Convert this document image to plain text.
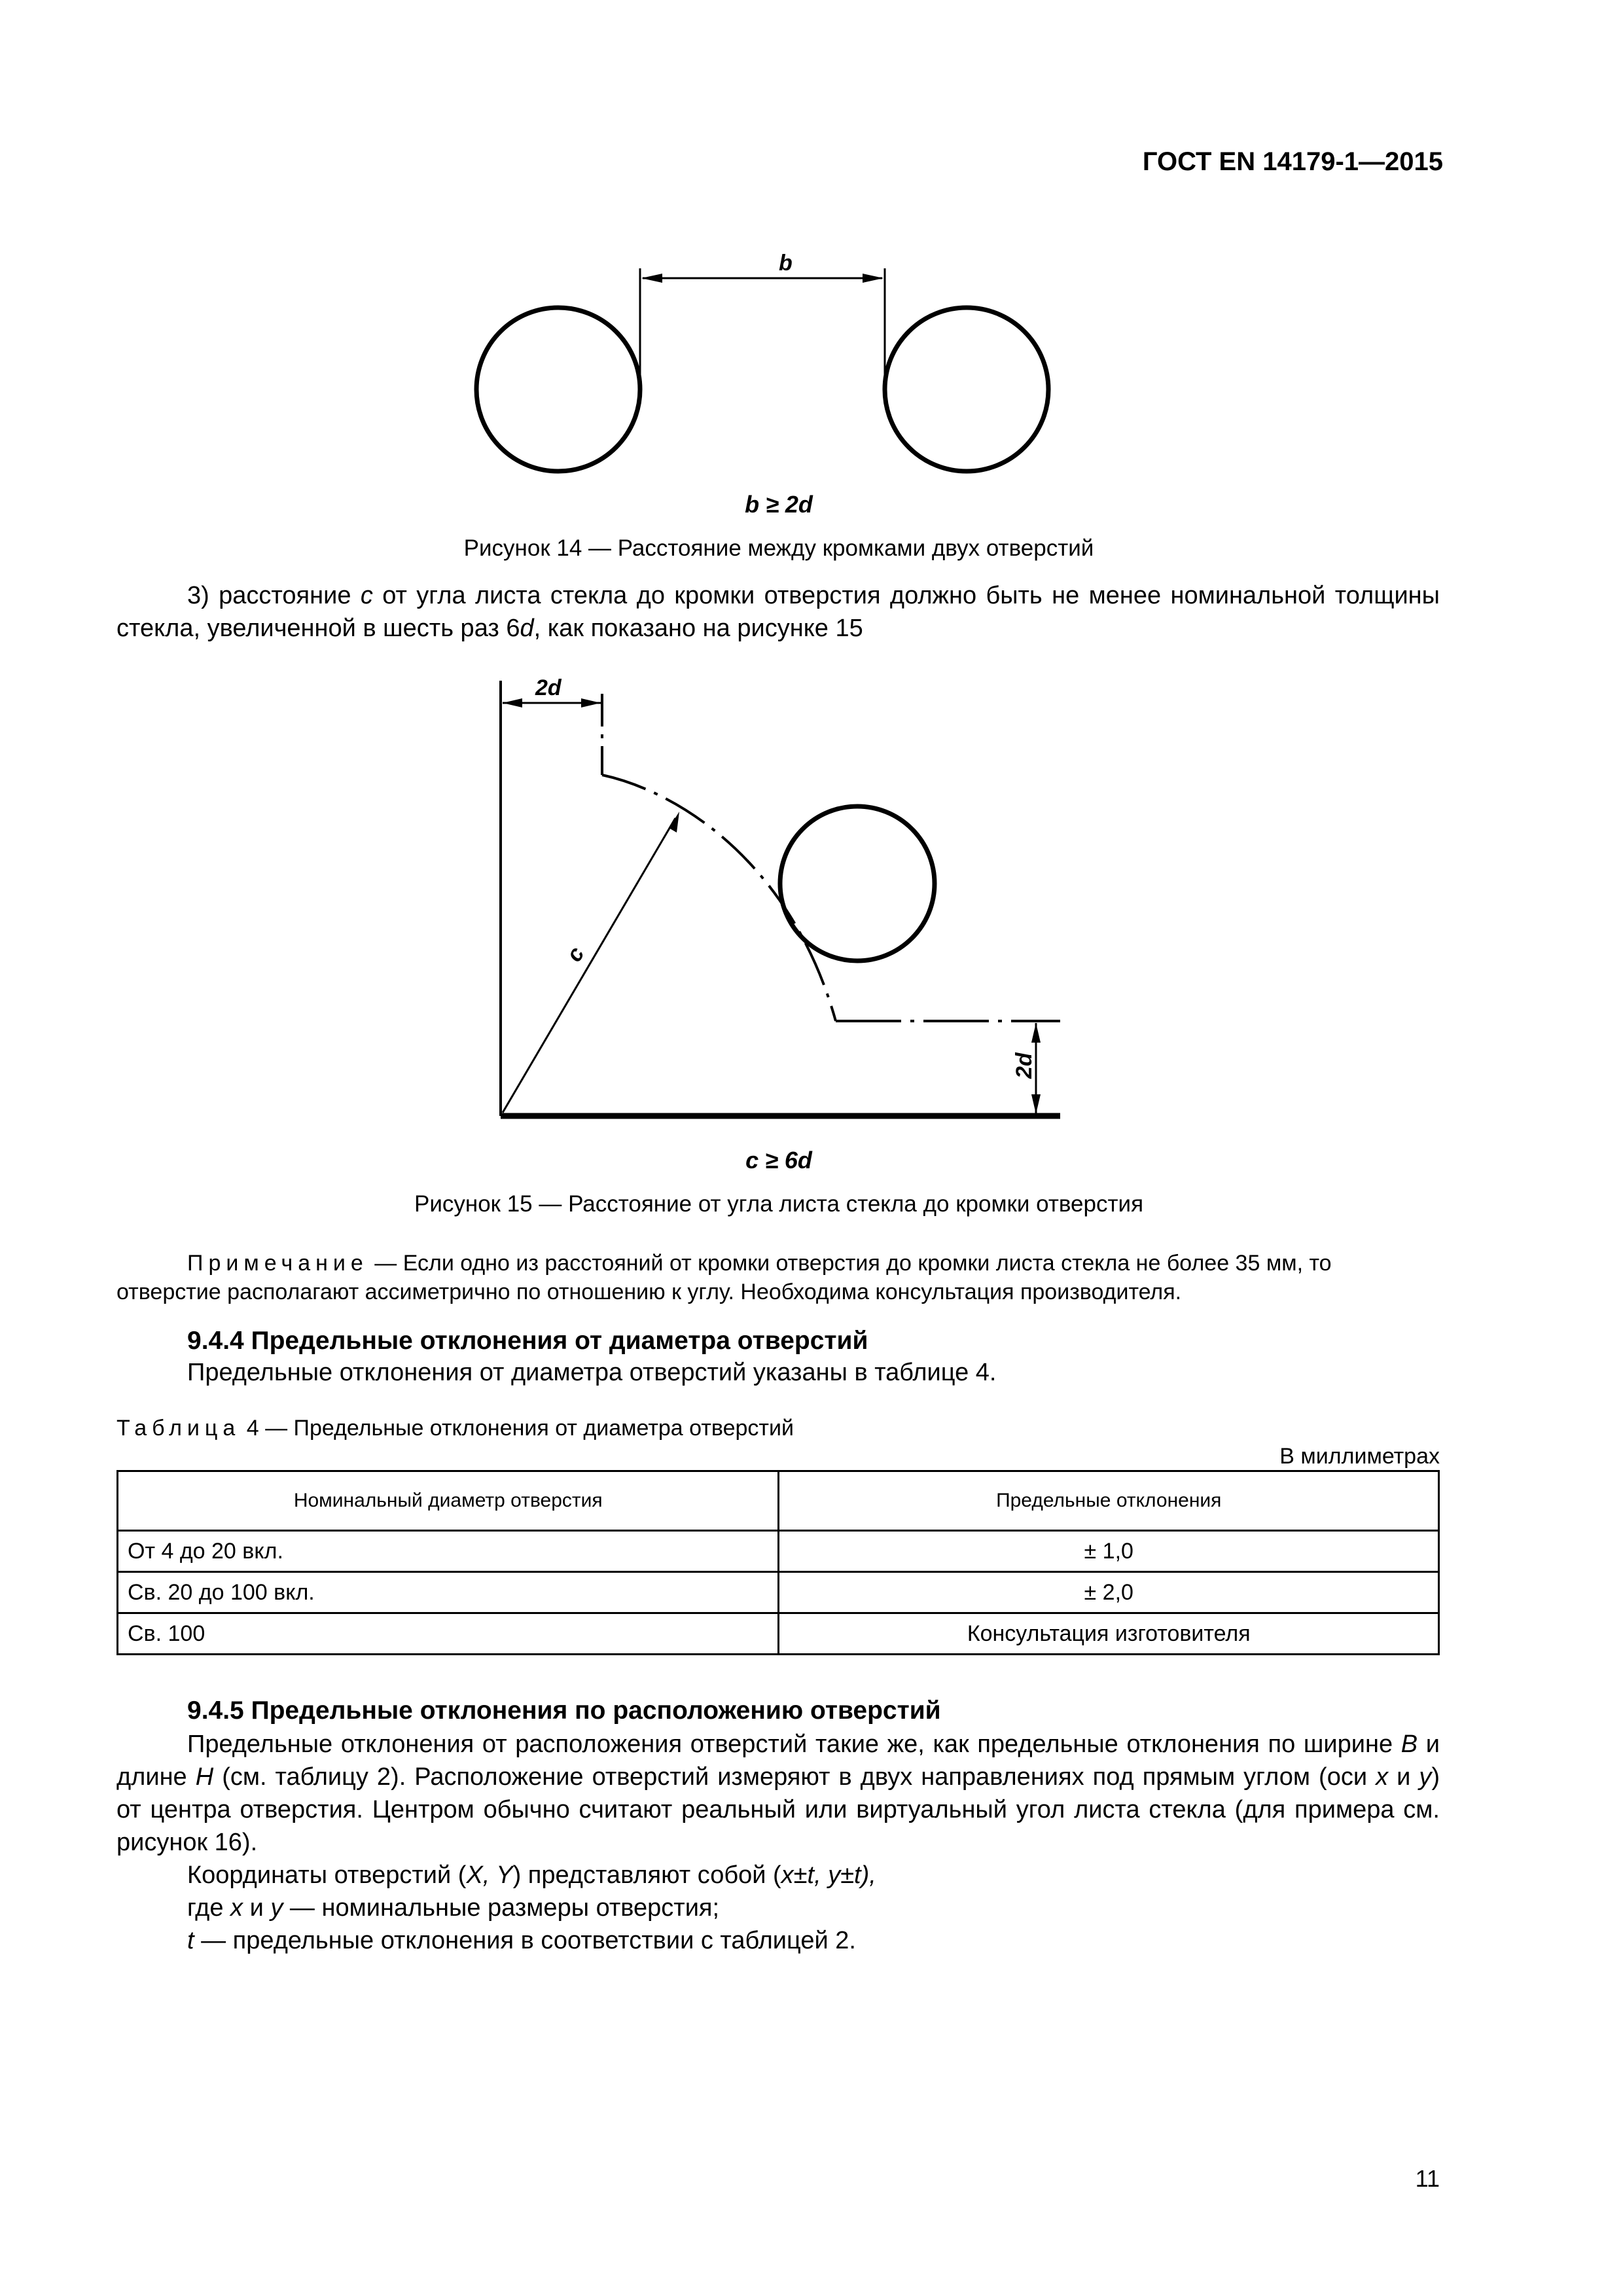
ГОСТ EN 14179-1—2015
b
b ≥ 2d
Рисунок 14 — Расстояние между кромками двух отверстий

3) расстояние c от угла листа стекла до кромки отверстия должно быть не менее номинальной толщины стекла, увеличенной в шесть раз 6d, как показано на рисунке 15

2d
c
2d
c ≥ 6d
Рисунок 15 — Расстояние от угла листа стекла до кромки отверстия
Примечание — Если одно из расстояний от кромки отверстия до кромки листа стекла не более 35 мм, то отверстие располагают ассиметрично по отношению к углу. Необходима консультация производителя.
9.4.4 Предельные отклонения от диаметра отверстий
Предельные отклонения от диаметра отверстий указаны в таблице 4.
Таблица 4 — Предельные отклонения от диаметра отверстий
В миллиметрах
Номинальный диаметр отверстия	Предельные отклонения
От 4 до 20 вкл.	± 1,0
Св. 20 до 100 вкл.	± 2,0
Св. 100	Консультация изготовителя
9.4.5 Предельные отклонения по расположению отверстий

Предельные отклонения от расположения отверстий такие же, как предельные отклонения по ширине B и длине H (см. таблицу 2). Расположение отверстий измеряют в двух направлениях под прямым углом (оси x и y) от центра отверстия. Центром обычно считают реальный или виртуальный угол листа стекла (для примера см. рисунок 16).

Координаты отверстий (X, Y) представляют собой (x±t, y±t),

где x и y — номинальные размеры отверстия;

t — предельные отклонения в соответствии с таблицей 2.

11
